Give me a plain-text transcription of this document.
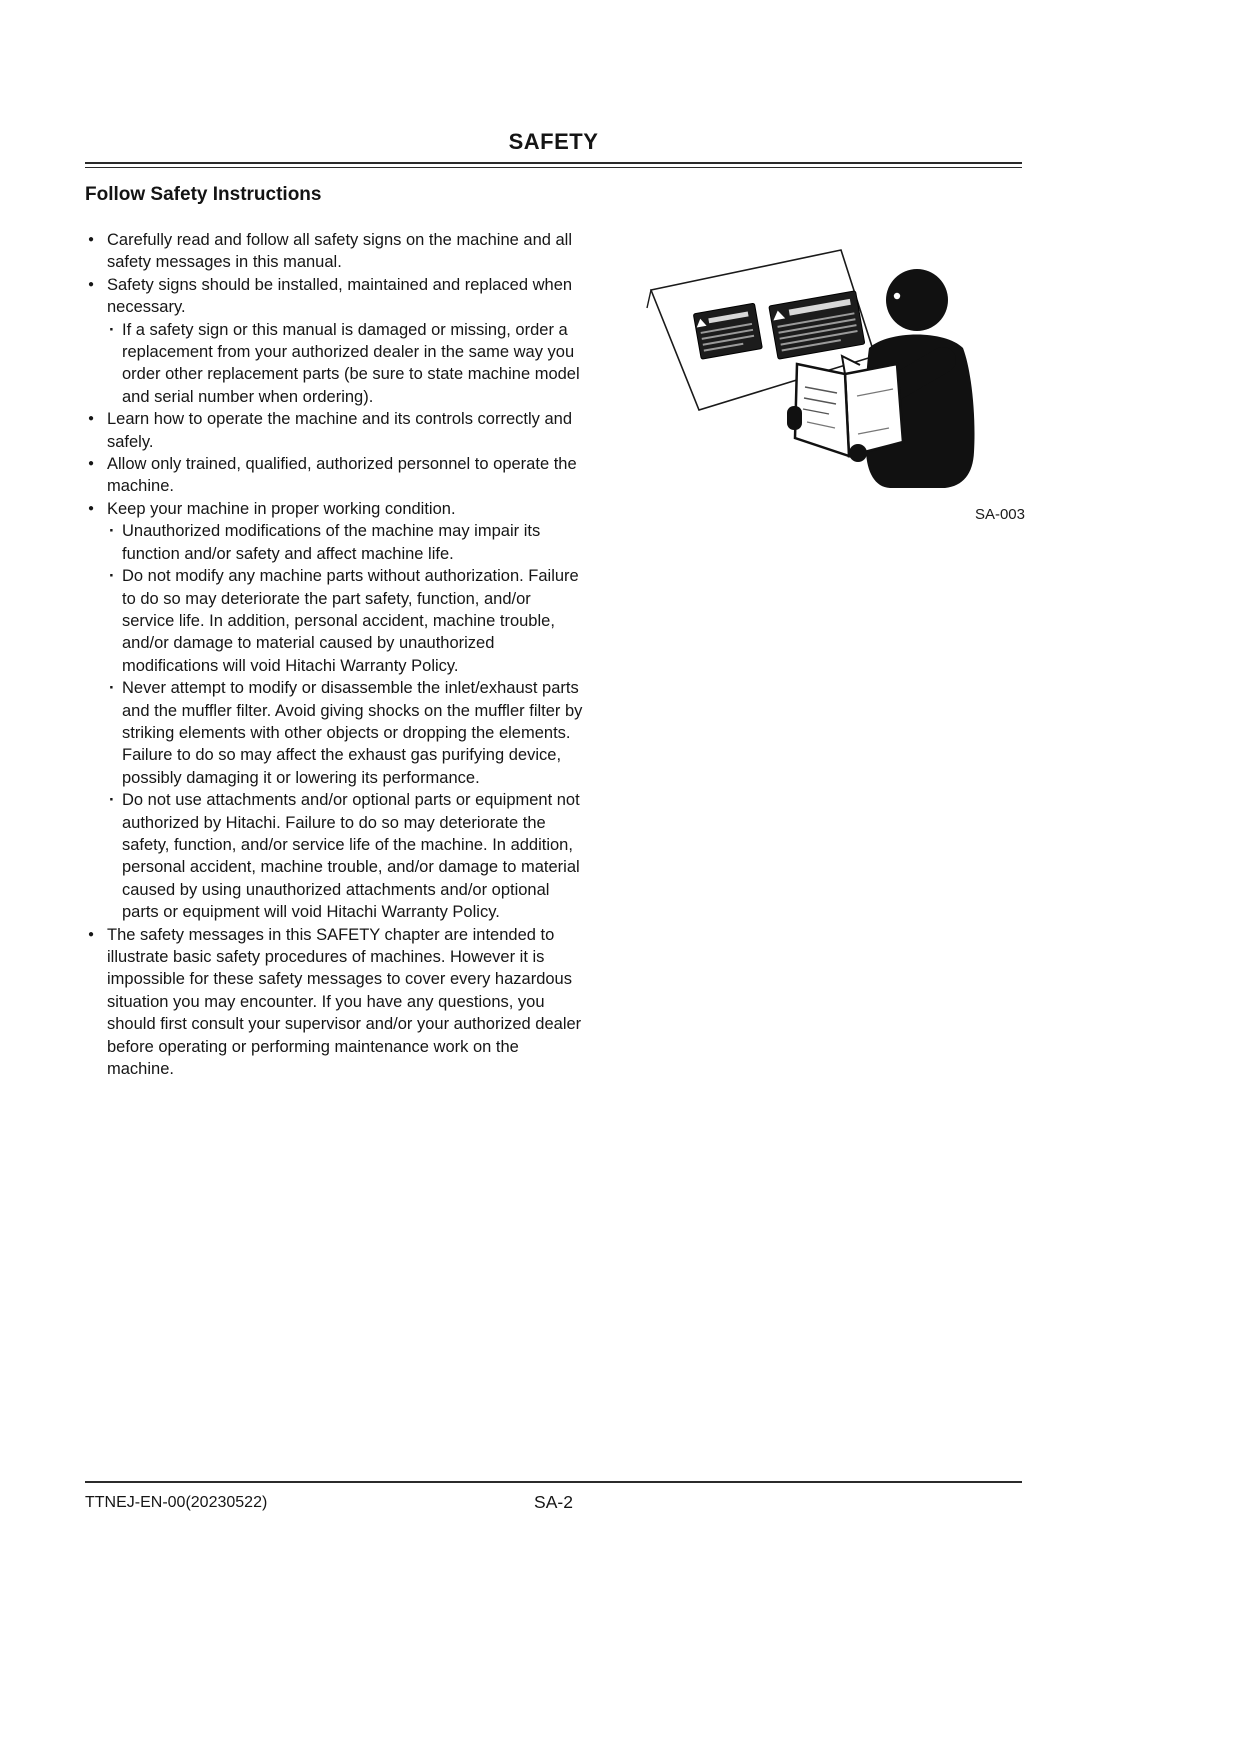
SAFETY
Follow Safety Instructions
● Carefully read and follow all safety signs on the machine and all safety messages in this manual.
● Safety signs should be installed, maintained and replaced when necessary.
· If a safety sign or this manual is damaged or missing, order a replacement from your authorized dealer in the same way you order other replacement parts (be sure to state machine model and serial number when ordering).
● Learn how to operate the machine and its controls correctly and safely.
● Allow only trained, qualified, authorized personnel to operate the machine.
● Keep your machine in proper working condition.
· Unauthorized modifications of the machine may impair its function and/or safety and affect machine life.
· Do not modify any machine parts without authorization. Failure to do so may deteriorate the part safety, function, and/or service life. In addition, personal accident, machine trouble, and/or damage to material caused by unauthorized modifications will void Hitachi Warranty Policy.
· Never attempt to modify or disassemble the inlet/exhaust parts and the muffler filter. Avoid giving shocks on the muffler filter by striking elements with other objects or dropping the elements. Failure to do so may affect the exhaust gas purifying device, possibly damaging it or lowering its performance.
· Do not use attachments and/or optional parts or equipment not authorized by Hitachi. Failure to do so may deteriorate the safety, function, and/or service life of the machine. In addition, personal accident, machine trouble, and/or damage to material caused by using unauthorized attachments and/or optional parts or equipment will void Hitachi Warranty Policy.
● The safety messages in this SAFETY chapter are intended to illustrate basic safety procedures of machines. However it is impossible for these safety messages to cover every hazardous situation you may encounter. If you have any questions, you should first consult your supervisor and/or your authorized dealer before operating or performing maintenance work on the machine.
SA-003
TTNEJ-EN-00(20230522)	SA-2
